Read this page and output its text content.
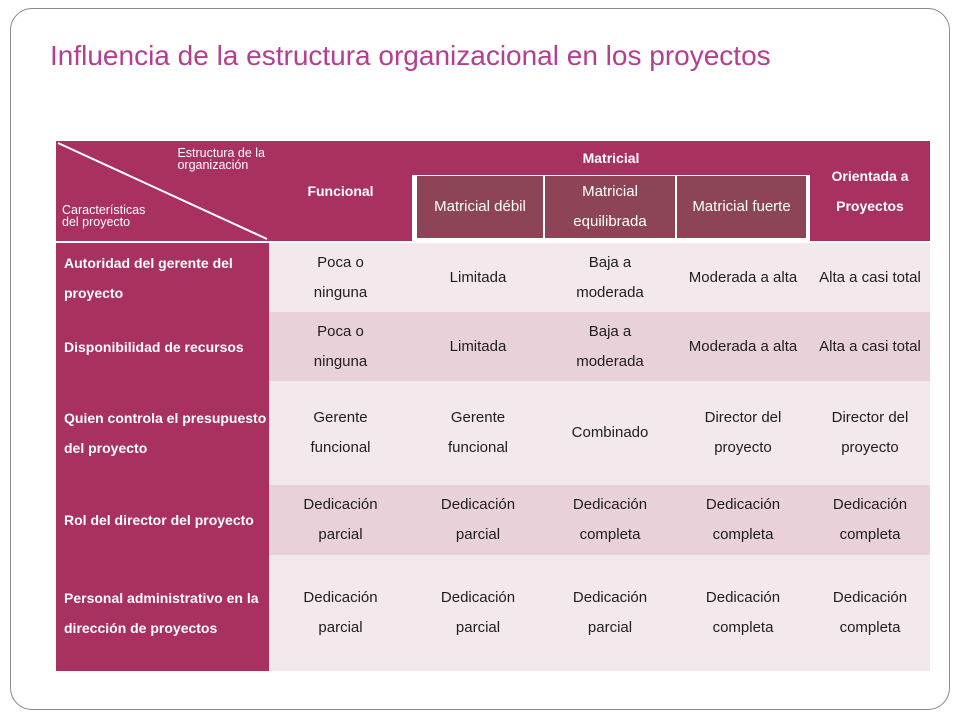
Influencia de la estructura organizacional en los proyectos
Estructura de la
organización
Características
del proyecto
Funcional
Matricial
Orientada a Proyectos
Matricial débil
Matricial equilibrada
Matricial fuerte
Autoridad del gerente del proyecto
Poca o ninguna
Limitada
Baja a moderada
Moderada a alta	Alta a casi total
Disponibilidad de recursos
Poca o ninguna
Limitada
Baja a moderada
Moderada a alta	Alta a casi total
Quien controla el presupuesto del proyecto
Gerente funcional
Gerente funcional
Combinado
Director del proyecto
Director del proyecto
Rol del director del proyecto
Dedicación parcial
Dedicación parcial
Dedicación completa
Dedicación completa
Dedicación completa
Personal administrativo en la dirección de proyectos
Dedicación parcial
Dedicación parcial
Dedicación parcial
Dedicación completa
Dedicación completa
